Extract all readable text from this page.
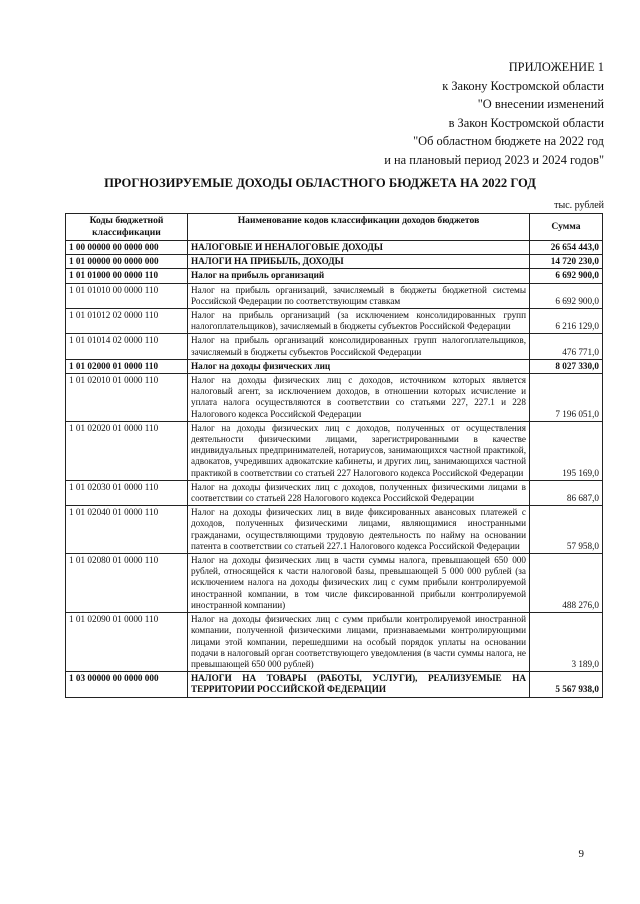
ПРИЛОЖЕНИЕ 1
к Закону Костромской области
"О внесении изменений
в Закон Костромской области
"Об областном бюджете на 2022 год
и на плановый период 2023 и 2024 годов"
ПРОГНОЗИРУЕМЫЕ ДОХОДЫ ОБЛАСТНОГО БЮДЖЕТА НА 2022 ГОД
тыс. рублей
Коды бюджетной классификации	Наименование кодов классификации доходов бюджетов	Сумма
1 00 00000 00 0000 000	НАЛОГОВЫЕ И НЕНАЛОГОВЫЕ ДОХОДЫ	26 654 443,0
1 01 00000 00 0000 000	НАЛОГИ НА ПРИБЫЛЬ, ДОХОДЫ	14 720 230,0
1 01 01000 00 0000 110	Налог на прибыль организаций	6 692 900,0
1 01 01010 00 0000 110	Налог на прибыль организаций, зачисляемый в бюджеты бюджетной системы Российской Федерации по соответствующим ставкам	6 692 900,0
1 01 01012 02 0000 110	Налог на прибыль организаций (за исключением консолидированных групп налогоплательщиков), зачисляемый в бюджеты субъектов Российской Федерации	6 216 129,0
1 01 01014 02 0000 110	Налог на прибыль организаций консолидированных групп налогоплательщиков, зачисляемый в бюджеты субъектов Российской Федерации	476 771,0
1 01 02000 01 0000 110	Налог на доходы физических лиц	8 027 330,0
1 01 02010 01 0000 110	Налог на доходы физических лиц с доходов, источником которых является налоговый агент, за исключением доходов, в отношении которых исчисление и уплата налога осуществляются в соответствии со статьями 227, 227.1 и 228 Налогового кодекса Российской Федерации	7 196 051,0
1 01 02020 01 0000 110	Налог на доходы физических лиц с доходов, полученных от осуществления деятельности физическими лицами, зарегистрированными в качестве индивидуальных предпринимателей, нотариусов, занимающихся частной практикой, адвокатов, учредивших адвокатские кабинеты, и других лиц, занимающихся частной практикой в соответствии со статьей 227 Налогового кодекса Российской Федерации	195 169,0
1 01 02030 01 0000 110	Налог на доходы физических лиц с доходов, полученных физическими лицами в соответствии со статьей 228 Налогового кодекса Российской Федерации	86 687,0
1 01 02040 01 0000 110	Налог на доходы физических лиц в виде фиксированных авансовых платежей с доходов, полученных физическими лицами, являющимися иностранными гражданами, осуществляющими трудовую деятельность по найму на основании патента в соответствии со статьей 227.1 Налогового кодекса Российской Федерации	57 958,0
1 01 02080 01 0000 110	Налог на доходы физических лиц в части суммы налога, превышающей 650 000 рублей, относящейся к части налоговой базы, превышающей 5 000 000 рублей (за исключением налога на доходы физических лиц с сумм прибыли контролируемой иностранной компании, в том числе фиксированной прибыли контролируемой иностранной компании)	488 276,0
1 01 02090 01 0000 110	Налог на доходы физических лиц с сумм прибыли контролируемой иностранной компании, полученной физическими лицами, признаваемыми контролирующими лицами этой компании, перешедшими на особый порядок уплаты на основании подачи в налоговый орган соответствующего уведомления (в части суммы налога, не превышающей 650 000 рублей)	3 189,0
1 03 00000 00 0000 000	НАЛОГИ НА ТОВАРЫ (РАБОТЫ, УСЛУГИ), РЕАЛИЗУЕМЫЕ НА ТЕРРИТОРИИ РОССИЙСКОЙ ФЕДЕРАЦИИ	5 567 938,0
9
